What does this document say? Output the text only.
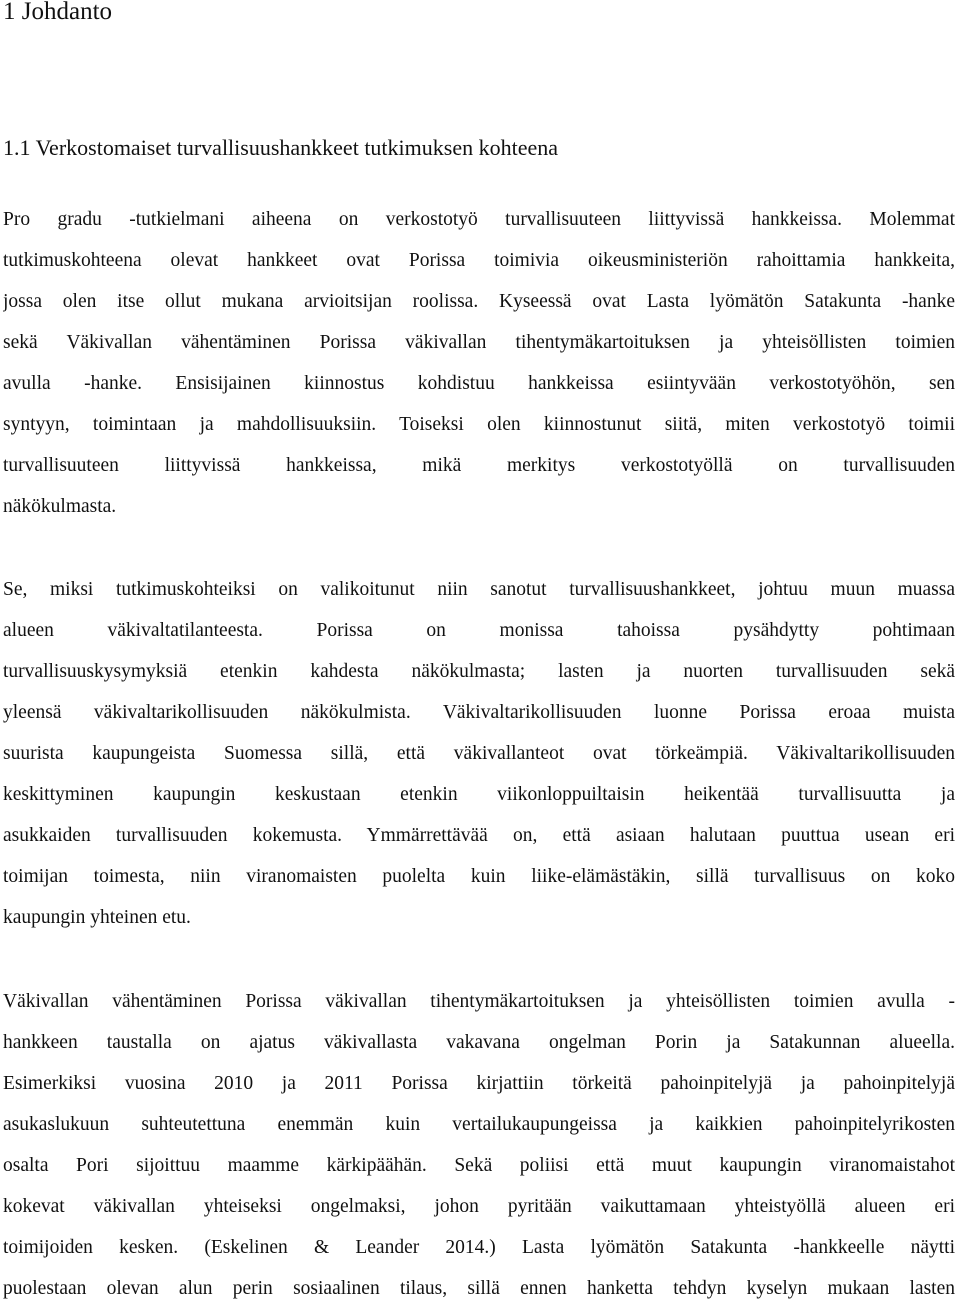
1 Johdanto
1.1 Verkostomaiset turvallisuushankkeet tutkimuksen kohteena
Pro gradu -tutkielmani aiheena on verkostotyö turvallisuuteen liittyvissä hankkeissa. Molemmat
tutkimuskohteena olevat hankkeet ovat Porissa toimivia oikeusministeriön rahoittamia hankkeita,
jossa olen itse ollut mukana arvioitsijan roolissa. Kyseessä ovat Lasta lyömätön Satakunta -hanke
sekä Väkivallan vähentäminen Porissa väkivallan tihentymäkartoituksen ja yhteisöllisten toimien
avulla -hanke. Ensisijainen kiinnostus kohdistuu hankkeissa esiintyvään verkostotyöhön, sen
syntyyn, toimintaan ja mahdollisuuksiin. Toiseksi olen kiinnostunut siitä, miten verkostotyö toimii
turvallisuuteen liittyvissä hankkeissa, mikä merkitys verkostotyöllä on turvallisuuden
näkökulmasta.
Se, miksi tutkimuskohteiksi on valikoitunut niin sanotut turvallisuushankkeet, johtuu muun muassa
alueen väkivaltatilanteesta. Porissa on monissa tahoissa pysähdytty pohtimaan
turvallisuuskysymyksiä etenkin kahdesta näkökulmasta; lasten ja nuorten turvallisuuden sekä
yleensä väkivaltarikollisuuden näkökulmista. Väkivaltarikollisuuden luonne Porissa eroaa muista
suurista kaupungeista Suomessa sillä, että väkivallanteot ovat törkeämpiä. Väkivaltarikollisuuden
keskittyminen kaupungin keskustaan etenkin viikonloppuiltaisin heikentää turvallisuutta ja
asukkaiden turvallisuuden kokemusta. Ymmärrettävää on, että asiaan halutaan puuttua usean eri
toimijan toimesta, niin viranomaisten puolelta kuin liike-elämästäkin, sillä turvallisuus on koko
kaupungin yhteinen etu.
Väkivallan vähentäminen Porissa väkivallan tihentymäkartoituksen ja yhteisöllisten toimien avulla -
hankkeen taustalla on ajatus väkivallasta vakavana ongelman Porin ja Satakunnan alueella.
Esimerkiksi vuosina 2010 ja 2011 Porissa kirjattiin törkeitä pahoinpitelyjä ja pahoinpitelyjä
asukaslukuun suhteutettuna enemmän kuin vertailukaupungeissa ja kaikkien pahoinpitelyrikosten
osalta Pori sijoittuu maamme kärkipäähän. Sekä poliisi että muut kaupungin viranomaistahot
kokevat väkivallan yhteiseksi ongelmaksi, johon pyritään vaikuttamaan yhteistyöllä alueen eri
toimijoiden kesken. (Eskelinen & Leander 2014.) Lasta lyömätön Satakunta -hankkeelle näytti
puolestaan olevan alun perin sosiaalinen tilaus, sillä ennen hanketta tehdyn kyselyn mukaan lasten
